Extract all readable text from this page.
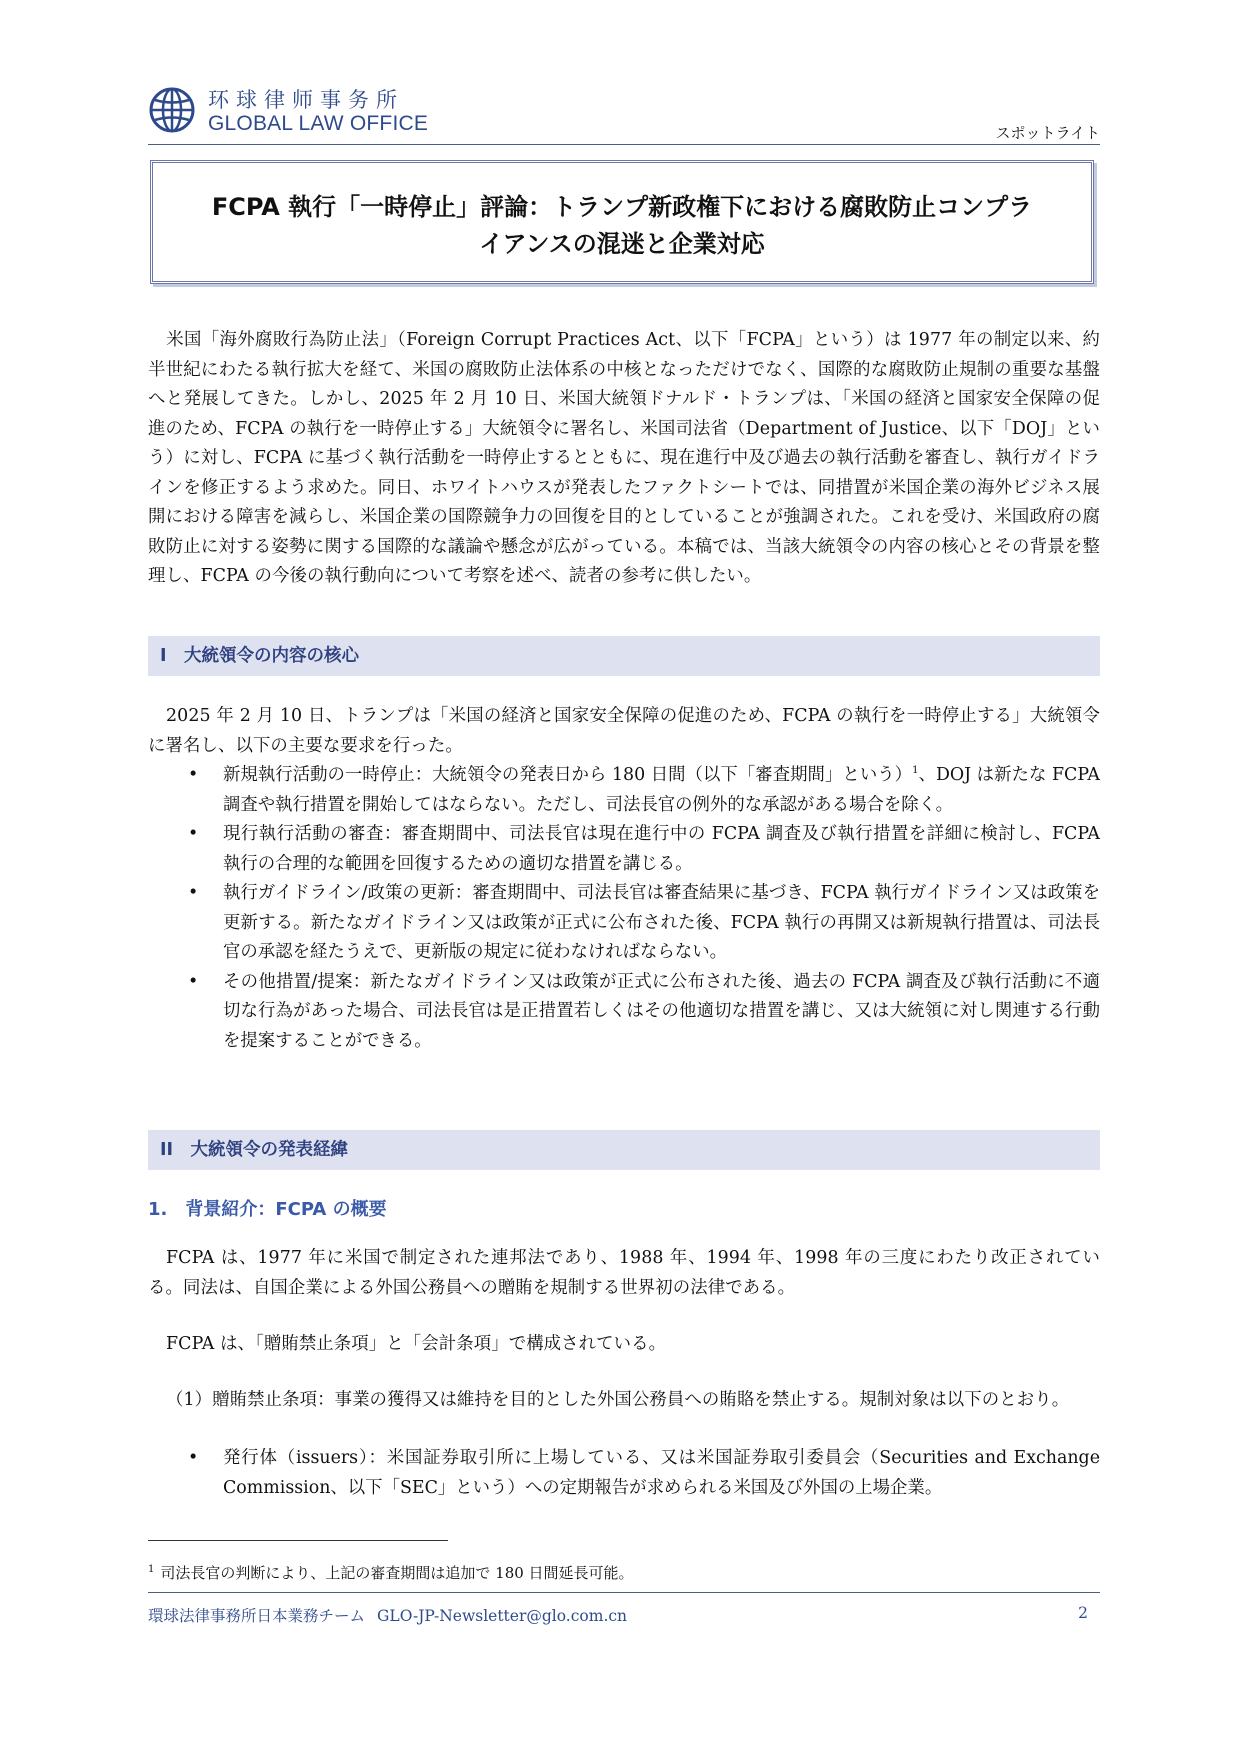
环球律师事务所
GLOBAL LAW OFFICE	スポットライト
FCPA 執行「一時停止」評論：トランプ新政権下における腐敗防止コンプラ
イアンスの混迷と企業対応
米国「海外腐敗行為防止法」（Foreign Corrupt Practices Act、以下「FCPA」という）は 1977 年の制定以来、約半世紀にわたる執行拡大を経て、米国の腐敗防止法体系の中核となっただけでなく、国際的な腐敗防止規制の重要な基盤へと発展してきた。しかし、2025 年 2 月 10 日、米国大統領ドナルド・トランプは、「米国の経済と国家安全保障の促進のため、FCPA の執行を一時停止する」大統領令に署名し、米国司法省（Department of Justice、以下「DOJ」という）に対し、FCPA に基づく執行活動を一時停止するとともに、現在進行中及び過去の執行活動を審査し、執行ガイドラインを修正するよう求めた。同日、ホワイトハウスが発表したファクトシートでは、同措置が米国企業の海外ビジネス展開における障害を減らし、米国企業の国際競争力の回復を目的としていることが強調された。これを受け、米国政府の腐敗防止に対する姿勢に関する国際的な議論や懸念が広がっている。本稿では、当該大統領令の内容の核心とその背景を整理し、FCPA の今後の執行動向について考察を述べ、読者の参考に供したい。
I　大統領令の内容の核心
2025 年 2 月 10 日、トランプは「米国の経済と国家安全保障の促進のため、FCPA の執行を一時停止する」大統領令に署名し、以下の主要な要求を行った。
• 新規執行活動の一時停止：大統領令の発表日から 180 日間（以下「審査期間」という）$^1$、DOJ は新たな FCPA 調査や執行措置を開始してはならない。ただし、司法長官の例外的な承認がある場合を除く。
• 現行執行活動の審査：審査期間中、司法長官は現在進行中の FCPA 調査及び執行措置を詳細に検討し、FCPA 執行の合理的な範囲を回復するための適切な措置を講じる。
• 執行ガイドライン/政策の更新：審査期間中、司法長官は審査結果に基づき、FCPA 執行ガイドライン又は政策を更新する。新たなガイドライン又は政策が正式に公布された後、FCPA 執行の再開又は新規執行措置は、司法長官の承認を経たうえで、更新版の規定に従わなければならない。
• その他措置/提案：新たなガイドライン又は政策が正式に公布された後、過去の FCPA 調査及び執行活動に不適切な行為があった場合、司法長官は是正措置若しくはその他適切な措置を講じ、又は大統領に対し関連する行動を提案することができる。
II　大統領令の発表経緯
1.　背景紹介：FCPA の概要
FCPA は、1977 年に米国で制定された連邦法であり、1988 年、1994 年、1998 年の三度にわたり改正されている。同法は、自国企業による外国公務員への贈賄を規制する世界初の法律である。
FCPA は、「贈賄禁止条項」と「会計条項」で構成されている。
（1）贈賄禁止条項：事業の獲得又は維持を目的とした外国公務員への賄賂を禁止する。規制対象は以下のとおり。
• 発行体（issuers）：米国証券取引所に上場している、又は米国証券取引委員会（Securities and Exchange Commission、以下「SEC」という）への定期報告が求められる米国及び外国の上場企業。
$^1$ 司法長官の判断により、上記の審査期間は追加で 180 日間延長可能。
環球法律事務所日本業務チーム GLO-JP-Newsletter@glo.com.cn	2
